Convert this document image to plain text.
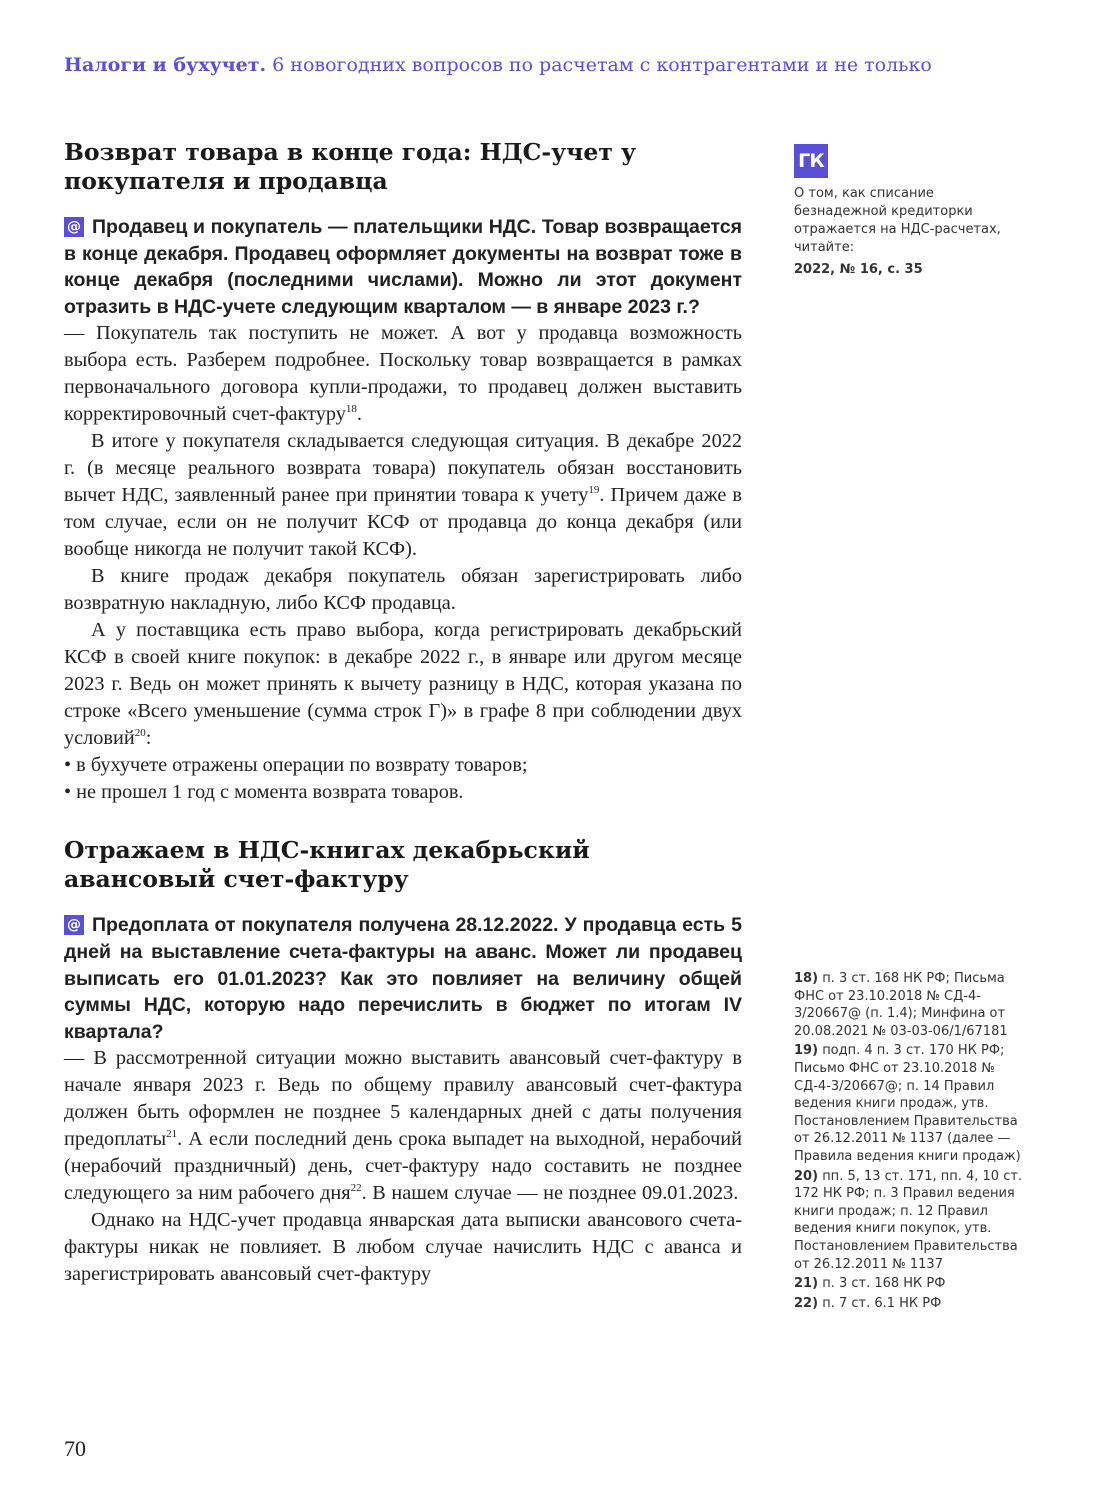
Налоги и бухучет. 6 новогодних вопросов по расчетам с контрагентами и не только
Возврат товара в конце года: НДС-учет у покупателя и продавца

@ Продавец и покупатель — плательщики НДС. Товар возвращается в конце декабря. Продавец оформляет документы на возврат тоже в конце декабря (последними числами). Можно ли этот документ отразить в НДС-учете следующим кварталом — в январе 2023 г.?

— Покупатель так поступить не может. А вот у продавца возможность выбора есть. Разберем подробнее. Поскольку товар возвращается в рамках первоначального договора купли-продажи, то продавец должен выставить корректировочный счет-фактуру$^{18}$.

В итоге у покупателя складывается следующая ситуация. В декабре 2022 г. (в месяце реального возврата товара) покупатель обязан восстановить вычет НДС, заявленный ранее при принятии товара к учету$^{19}$. Причем даже в том случае, если он не получит КСФ от продавца до конца декабря (или вообще никогда не получит такой КСФ).

В книге продаж декабря покупатель обязан зарегистрировать либо возвратную накладную, либо КСФ продавца.

А у поставщика есть право выбора, когда регистрировать декабрьский КСФ в своей книге покупок: в декабре 2022 г., в январе или другом месяце 2023 г. Ведь он может принять к вычету разницу в НДС, которая указана по строке «Всего уменьшение (сумма строк Г)» в графе 8 при соблюдении двух условий$^{20}$:

• в бухучете отражены операции по возврату товаров;

• не прошел 1 год с момента возврата товаров.

Отражаем в НДС-книгах декабрьский авансовый счет-фактуру

@ Предоплата от покупателя получена 28.12.2022. У продавца есть 5 дней на выставление счета-фактуры на аванс. Может ли продавец выписать его 01.01.2023? Как это повлияет на величину общей суммы НДС, которую надо перечислить в бюджет по итогам IV квартала?

— В рассмотренной ситуации можно выставить авансовый счет-фактуру в начале января 2023 г. Ведь по общему правилу авансовый счет-фактура должен быть оформлен не позднее 5 календарных дней с даты получения предоплаты$^{21}$. А если последний день срока выпадет на выходной, нерабочий (нерабочий праздничный) день, счет-фактуру надо составить не позднее следующего за ним рабочего дня$^{22}$. В нашем случае — не позднее 09.01.2023.

Однако на НДС-учет продавца январская дата выписки авансового счета-фактуры никак не повлияет. В любом случае начислить НДС с аванса и зарегистрировать авансовый счет-фактуру

ГК
О том, как списание безнадежной кредиторки отражается на НДС-расчетах, читайте:
2022, № 16, с. 35

18) п. 3 ст. 168 НК РФ; Письма ФНС от 23.10.2018 № СД-4-3/20667@ (п. 1.4); Минфина от 20.08.2021 № 03-03-06/1/67181

19) подп. 4 п. 3 ст. 170 НК РФ; Письмо ФНС от 23.10.2018 № СД-4-3/20667@; п. 14 Правил ведения книги продаж, утв. Постановлением Правительства от 26.12.2011 № 1137 (далее — Правила ведения книги продаж)

20) пп. 5, 13 ст. 171, пп. 4, 10 ст. 172 НК РФ; п. 3 Правил ведения книги продаж; п. 12 Правил ведения книги покупок, утв. Постановлением Правительства от 26.12.2011 № 1137

21) п. 3 ст. 168 НК РФ

22) п. 7 ст. 6.1 НК РФ

70
